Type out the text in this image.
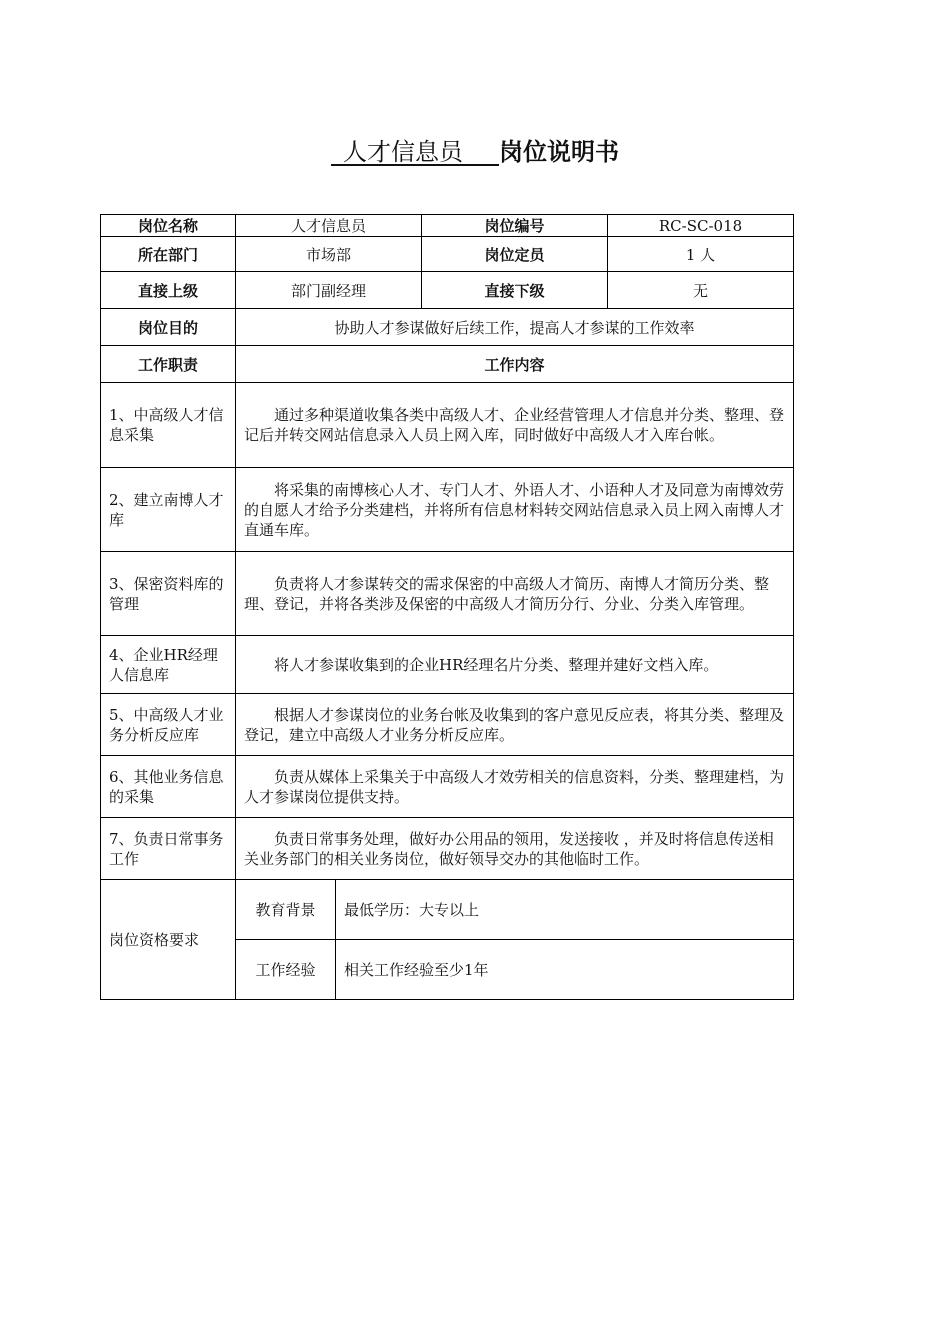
_人才信息员___岗位说明书
岗位名称	人才信息员		岗位编号	RC-SC-018
所在部门	市场部		岗位定员	1 人
直接上级	部门副经理		直接下级	无
岗位目的	协助人才参谋做好后续工作，提高人才参谋的工作效率			
工作职责	工作内容			
1、中高级人才信息采集	通过多种渠道收集各类中高级人才、企业经营管理人才信息并分类、整理、登记后并转交网站信息录入人员上网入库，同时做好中高级人才入库台帐。			
2、建立南博人才库	将采集的南博核心人才、专门人才、外语人才、小语种人才及同意为南博效劳的自愿人才给予分类建档，并将所有信息材料转交网站信息录入员上网入南博人才直通车库。			
3、保密资料库的管理	负责将人才参谋转交的需求保密的中高级人才简历、南博人才简历分类、整理、登记，并将各类涉及保密的中高级人才简历分行、分业、分类入库管理。			
4、企业HR经理人信息库	将人才参谋收集到的企业HR经理名片分类、整理并建好文档入库。			
5、中高级人才业务分析反应库	根据人才参谋岗位的业务台帐及收集到的客户意见反应表，将其分类、整理及登记，建立中高级人才业务分析反应库。			
6、其他业务信息的采集	负责从媒体上采集关于中高级人才效劳相关的信息资料，分类、整理建档，为人才参谋岗位提供支持。			
7、负责日常事务工作	负责日常事务处理，做好办公用品的领用，发送接收 ，并及时将信息传送相关业务部门的相关业务岗位，做好领导交办的其他临时工作。			
岗位资格要求	教育背景	最低学历：大专以上		
	工作经验	相关工作经验至少1年		
